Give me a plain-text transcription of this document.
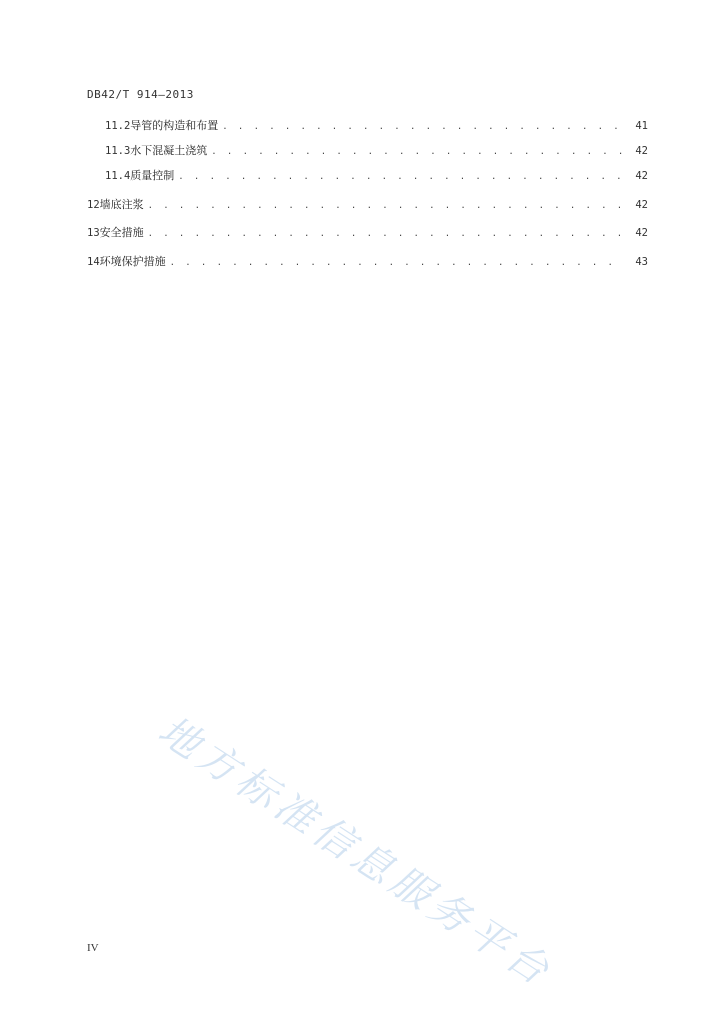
DB42/T 914—2013
11.2 导管的构造和布置 . . .	41
11.3 水下混凝土浇筑 . . .	42
11.4 质量控制 . . .	42
12 墙底注浆 . . .	42
13 安全措施 . . .	42
14 环境保护措施 . . .	43
地方标准信息服务平台
IV
